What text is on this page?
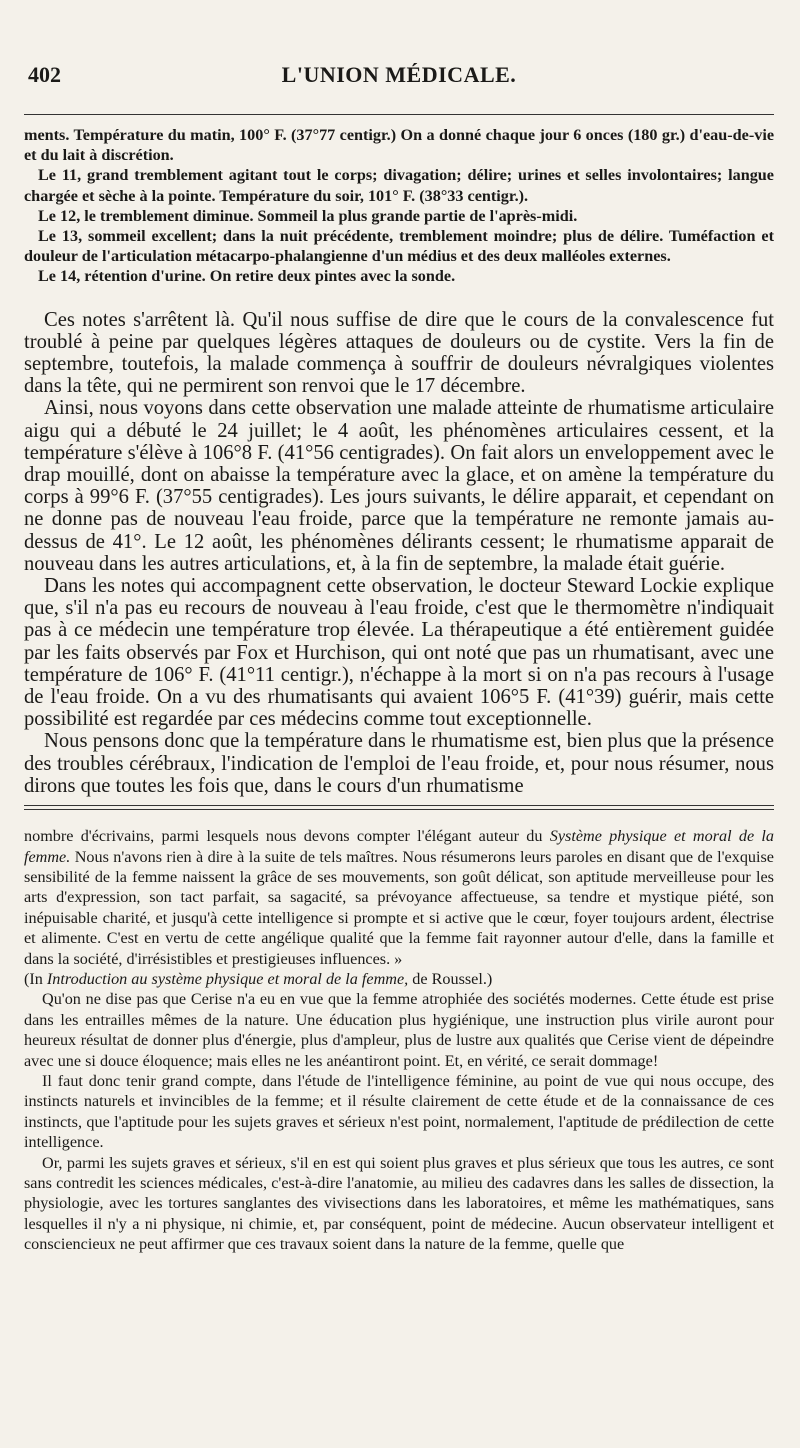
402	L'UNION MÉDICALE.

ments. Température du matin, 100° F. (37°77 centigr.) On a donné chaque jour 6 onces (180 gr.) d'eau-de-vie et du lait à discrétion.

Le 11, grand tremblement agitant tout le corps; divagation; délire; urines et selles involontaires; langue chargée et sèche à la pointe. Température du soir, 101° F. (38°33 centigr.).

Le 12, le tremblement diminue. Sommeil la plus grande partie de l'après-midi.

Le 13, sommeil excellent; dans la nuit précédente, tremblement moindre; plus de délire. Tuméfaction et douleur de l'articulation métacarpo-phalangienne d'un médius et des deux malléoles externes.

Le 14, rétention d'urine. On retire deux pintes avec la sonde.

Ces notes s'arrêtent là. Qu'il nous suffise de dire que le cours de la convalescence fut troublé à peine par quelques légères attaques de douleurs ou de cystite. Vers la fin de septembre, toutefois, la malade commença à souffrir de douleurs névralgiques violentes dans la tête, qui ne permirent son renvoi que le 17 décembre.

Ainsi, nous voyons dans cette observation une malade atteinte de rhumatisme articulaire aigu qui a débuté le 24 juillet; le 4 août, les phénomènes articulaires cessent, et la température s'élève à 106°8 F. (41°56 centigrades). On fait alors un enveloppement avec le drap mouillé, dont on abaisse la température avec la glace, et on amène la température du corps à 99°6 F. (37°55 centigrades). Les jours suivants, le délire apparait, et cependant on ne donne pas de nouveau l'eau froide, parce que la température ne remonte jamais au-dessus de 41°. Le 12 août, les phénomènes délirants cessent; le rhumatisme apparait de nouveau dans les autres articulations, et, à la fin de septembre, la malade était guérie.

Dans les notes qui accompagnent cette observation, le docteur Steward Lockie explique que, s'il n'a pas eu recours de nouveau à l'eau froide, c'est que le thermomètre n'indiquait pas à ce médecin une température trop élevée. La thérapeutique a été entièrement guidée par les faits observés par Fox et Hurchison, qui ont noté que pas un rhumatisant, avec une température de 106° F. (41°11 centigr.), n'échappe à la mort si on n'a pas recours à l'usage de l'eau froide. On a vu des rhumatisants qui avaient 106°5 F. (41°39) guérir, mais cette possibilité est regardée par ces médecins comme tout exceptionnelle.

Nous pensons donc que la température dans le rhumatisme est, bien plus que la présence des troubles cérébraux, l'indication de l'emploi de l'eau froide, et, pour nous résumer, nous dirons que toutes les fois que, dans le cours d'un rhumatisme

nombre d'écrivains, parmi lesquels nous devons compter l'élégant auteur du Système physique et moral de la femme. Nous n'avons rien à dire à la suite de tels maîtres. Nous résumerons leurs paroles en disant que de l'exquise sensibilité de la femme naissent la grâce de ses mouvements, son goût délicat, son aptitude merveilleuse pour les arts d'expression, son tact parfait, sa sagacité, sa prévoyance affectueuse, sa tendre et mystique piété, son inépuisable charité, et jusqu'à cette intelligence si prompte et si active que le cœur, foyer toujours ardent, électrise et alimente. C'est en vertu de cette angélique qualité que la femme fait rayonner autour d'elle, dans la famille et dans la société, d'irrésistibles et prestigieuses influences. »

(In Introduction au système physique et moral de la femme, de Roussel.)

Qu'on ne dise pas que Cerise n'a eu en vue que la femme atrophiée des sociétés modernes. Cette étude est prise dans les entrailles mêmes de la nature. Une éducation plus hygiénique, une instruction plus virile auront pour heureux résultat de donner plus d'énergie, plus d'ampleur, plus de lustre aux qualités que Cerise vient de dépeindre avec une si douce éloquence; mais elles ne les anéantiront point. Et, en vérité, ce serait dommage!

Il faut donc tenir grand compte, dans l'étude de l'intelligence féminine, au point de vue qui nous occupe, des instincts naturels et invincibles de la femme; et il résulte clairement de cette étude et de la connaissance de ces instincts, que l'aptitude pour les sujets graves et sérieux n'est point, normalement, l'aptitude de prédilection de cette intelligence.

Or, parmi les sujets graves et sérieux, s'il en est qui soient plus graves et plus sérieux que tous les autres, ce sont sans contredit les sciences médicales, c'est-à-dire l'anatomie, au milieu des cadavres dans les salles de dissection, la physiologie, avec les tortures sanglantes des vivisections dans les laboratoires, et même les mathématiques, sans lesquelles il n'y a ni physique, ni chimie, et, par conséquent, point de médecine. Aucun observateur intelligent et consciencieux ne peut affirmer que ces travaux soient dans la nature de la femme, quelle que
